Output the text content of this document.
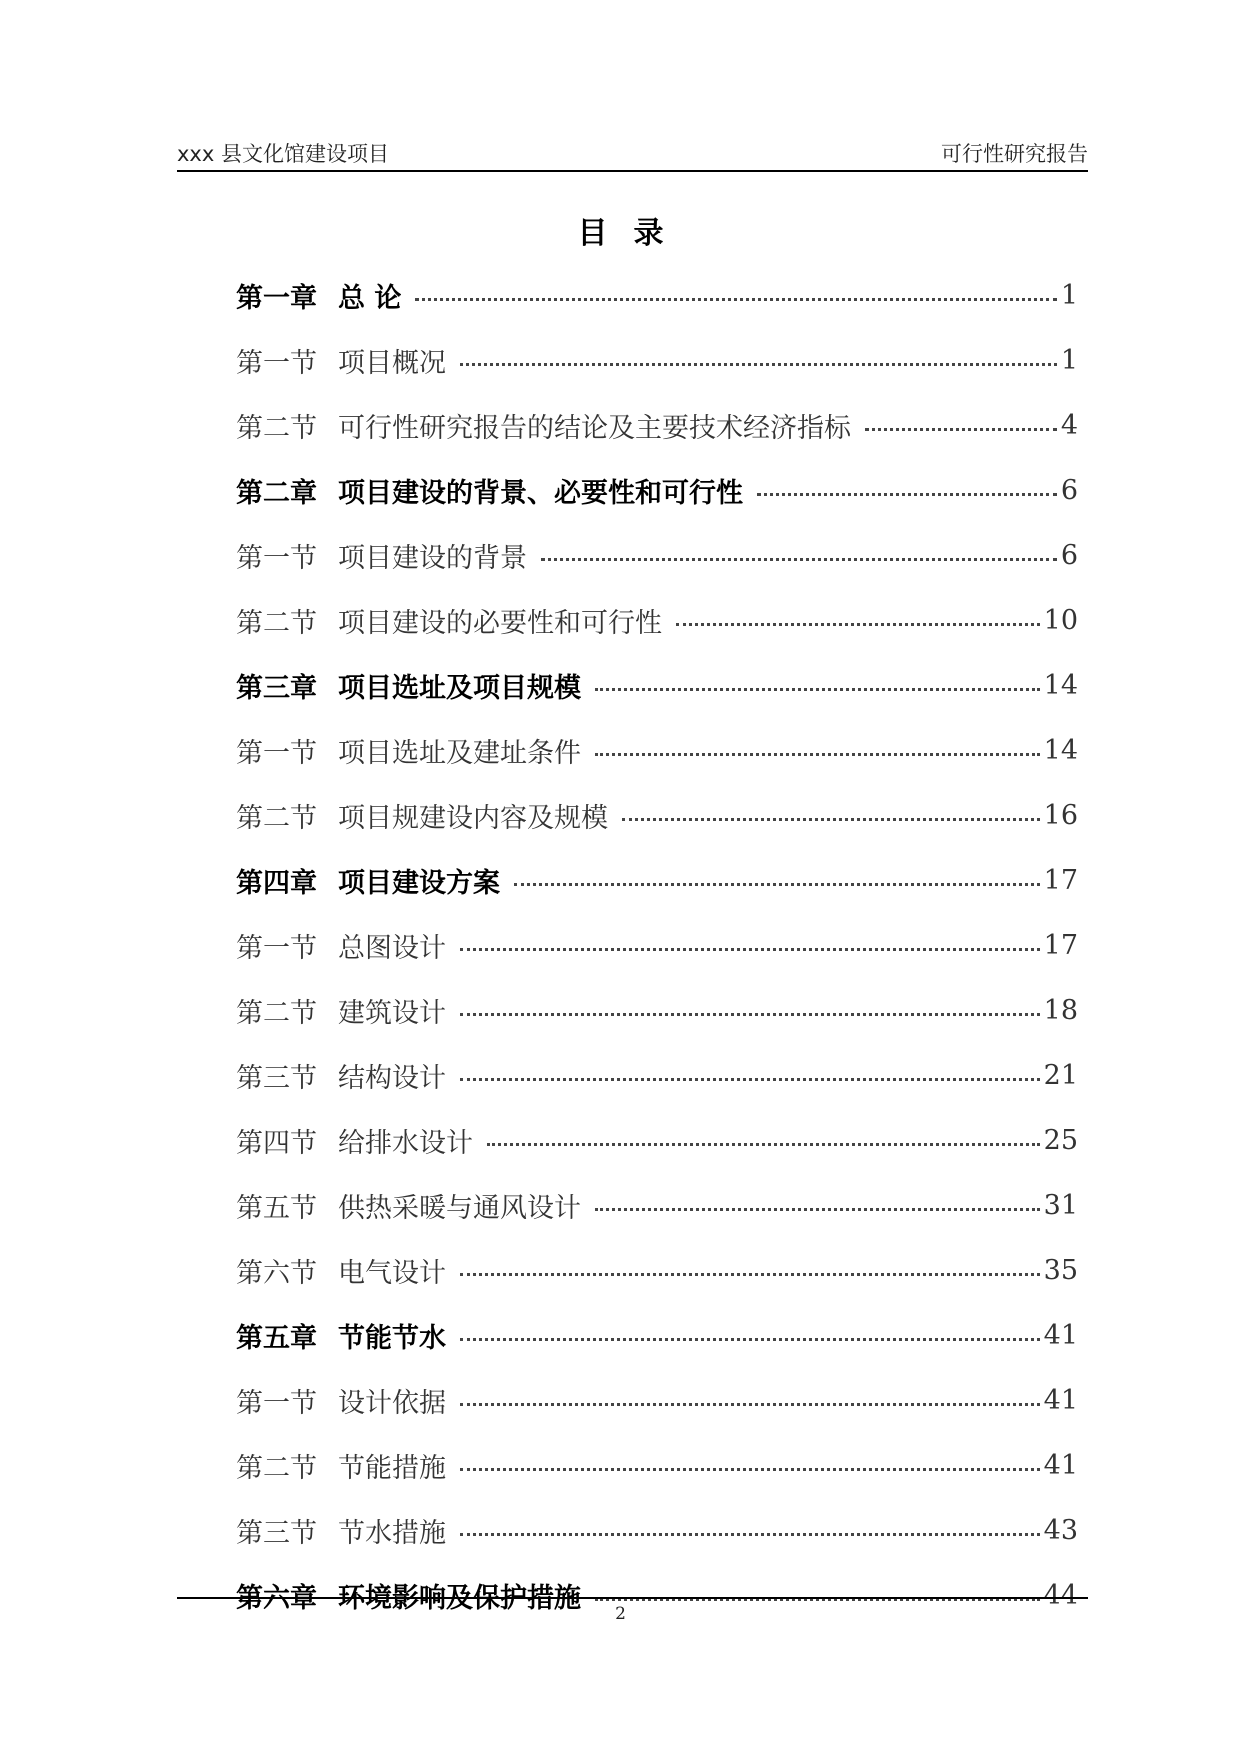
xxx 县文化馆建设项目	可行性研究报告
目录
第一章 总 论	1
第一节 项目概况	1
第二节 可行性研究报告的结论及主要技术经济指标	4
第二章 项目建设的背景、必要性和可行性	6
第一节 项目建设的背景	6
第二节 项目建设的必要性和可行性	10
第三章 项目选址及项目规模	14
第一节 项目选址及建址条件	14
第二节 项目规建设内容及规模	16
第四章 项目建设方案	17
第一节 总图设计	17
第二节 建筑设计	18
第三节 结构设计	21
第四节 给排水设计	25
第五节 供热采暖与通风设计	31
第六节 电气设计	35
第五章 节能节水	41
第一节 设计依据	41
第二节 节能措施	41
第三节 节水措施	43
第六章 环境影响及保护措施	44
2
